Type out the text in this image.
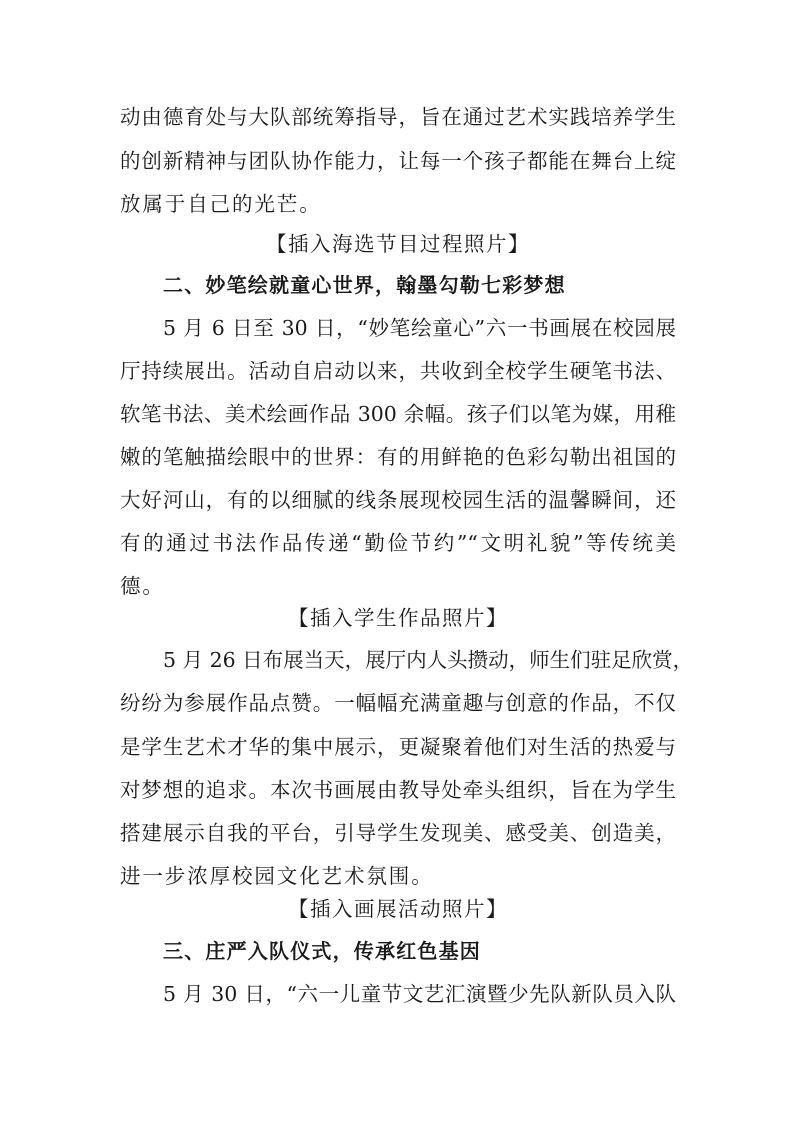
动由德育处与大队部统筹指导，旨在通过艺术实践培养学生
的创新精神与团队协作能力，让每一个孩子都能在舞台上绽
放属于自己的光芒。
【插入海选节目过程照片】
二、妙笔绘就童心世界，翰墨勾勒七彩梦想
5 月 6 日至 30 日，“妙笔绘童心”六一书画展在校园展
厅持续展出。活动自启动以来，共收到全校学生硬笔书法、
软笔书法、美术绘画作品 300 余幅。孩子们以笔为媒，用稚
嫩的笔触描绘眼中的世界：有的用鲜艳的色彩勾勒出祖国的
大好河山，有的以细腻的线条展现校园生活的温馨瞬间，还
有的通过书法作品传递“勤俭节约”“文明礼貌”等传统美
德。
【插入学生作品照片】
5 月 26 日布展当天，展厅内人头攒动，师生们驻足欣赏，
纷纷为参展作品点赞。一幅幅充满童趣与创意的作品，不仅
是学生艺术才华的集中展示，更凝聚着他们对生活的热爱与
对梦想的追求。本次书画展由教导处牵头组织，旨在为学生
搭建展示自我的平台，引导学生发现美、感受美、创造美，
进一步浓厚校园文化艺术氛围。
【插入画展活动照片】
三、庄严入队仪式，传承红色基因
5 月 30 日，“六一儿童节文艺汇演暨少先队新队员入队
